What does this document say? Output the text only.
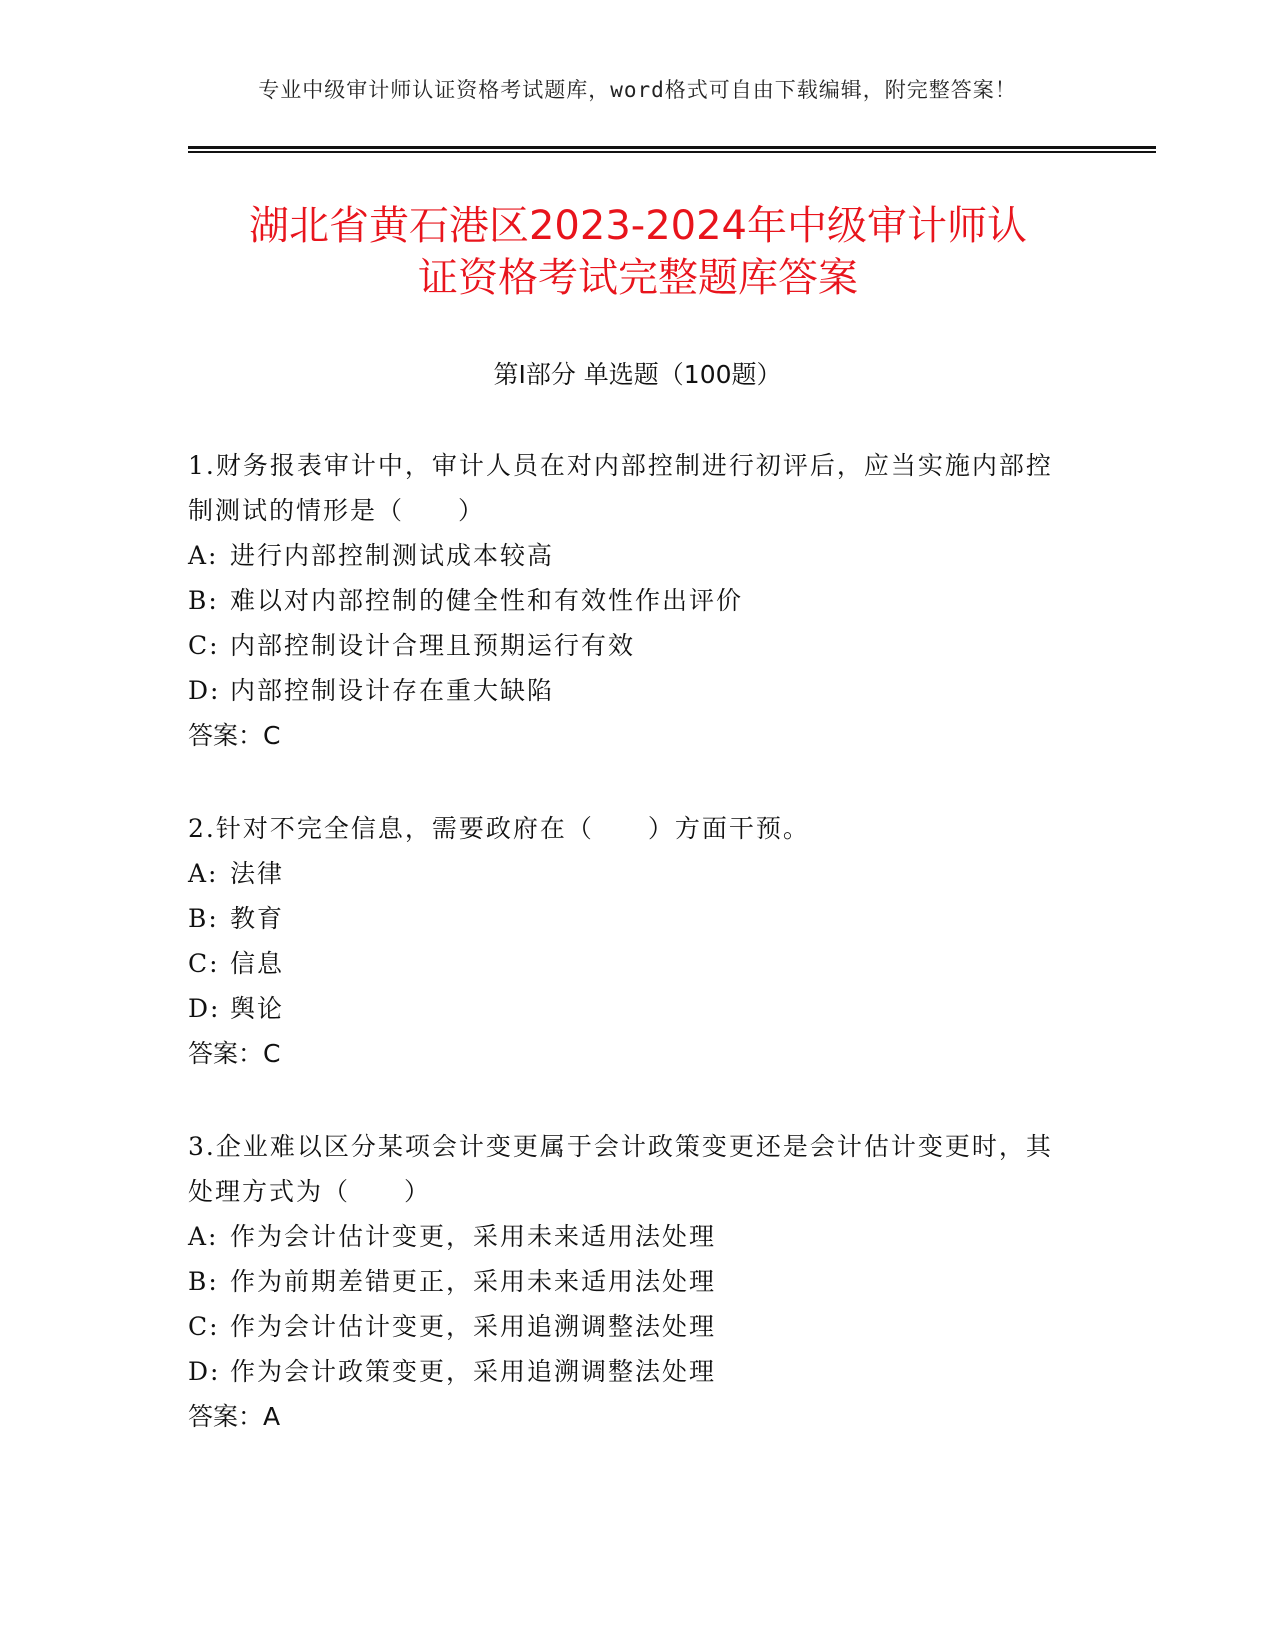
专业中级审计师认证资格考试题库，word格式可自由下载编辑，附完整答案！
湖北省黄石港区2023-2024年中级审计师认
证资格考试完整题库答案
第Ⅰ部分 单选题（100题）

1.财务报表审计中，审计人员在对内部控制进行初评后，应当实施内部控制测试的情形是（　　）

A: 进行内部控制测试成本较高

B: 难以对内部控制的健全性和有效性作出评价

C: 内部控制设计合理且预期运行有效

D: 内部控制设计存在重大缺陷

答案：C

2.针对不完全信息，需要政府在（　　）方面干预。

A: 法律

B: 教育

C: 信息

D: 舆论

答案：C

3.企业难以区分某项会计变更属于会计政策变更还是会计估计变更时，其处理方式为（　　）

A: 作为会计估计变更，采用未来适用法处理

B: 作为前期差错更正，采用未来适用法处理

C: 作为会计估计变更，采用追溯调整法处理

D: 作为会计政策变更，采用追溯调整法处理

答案：A
